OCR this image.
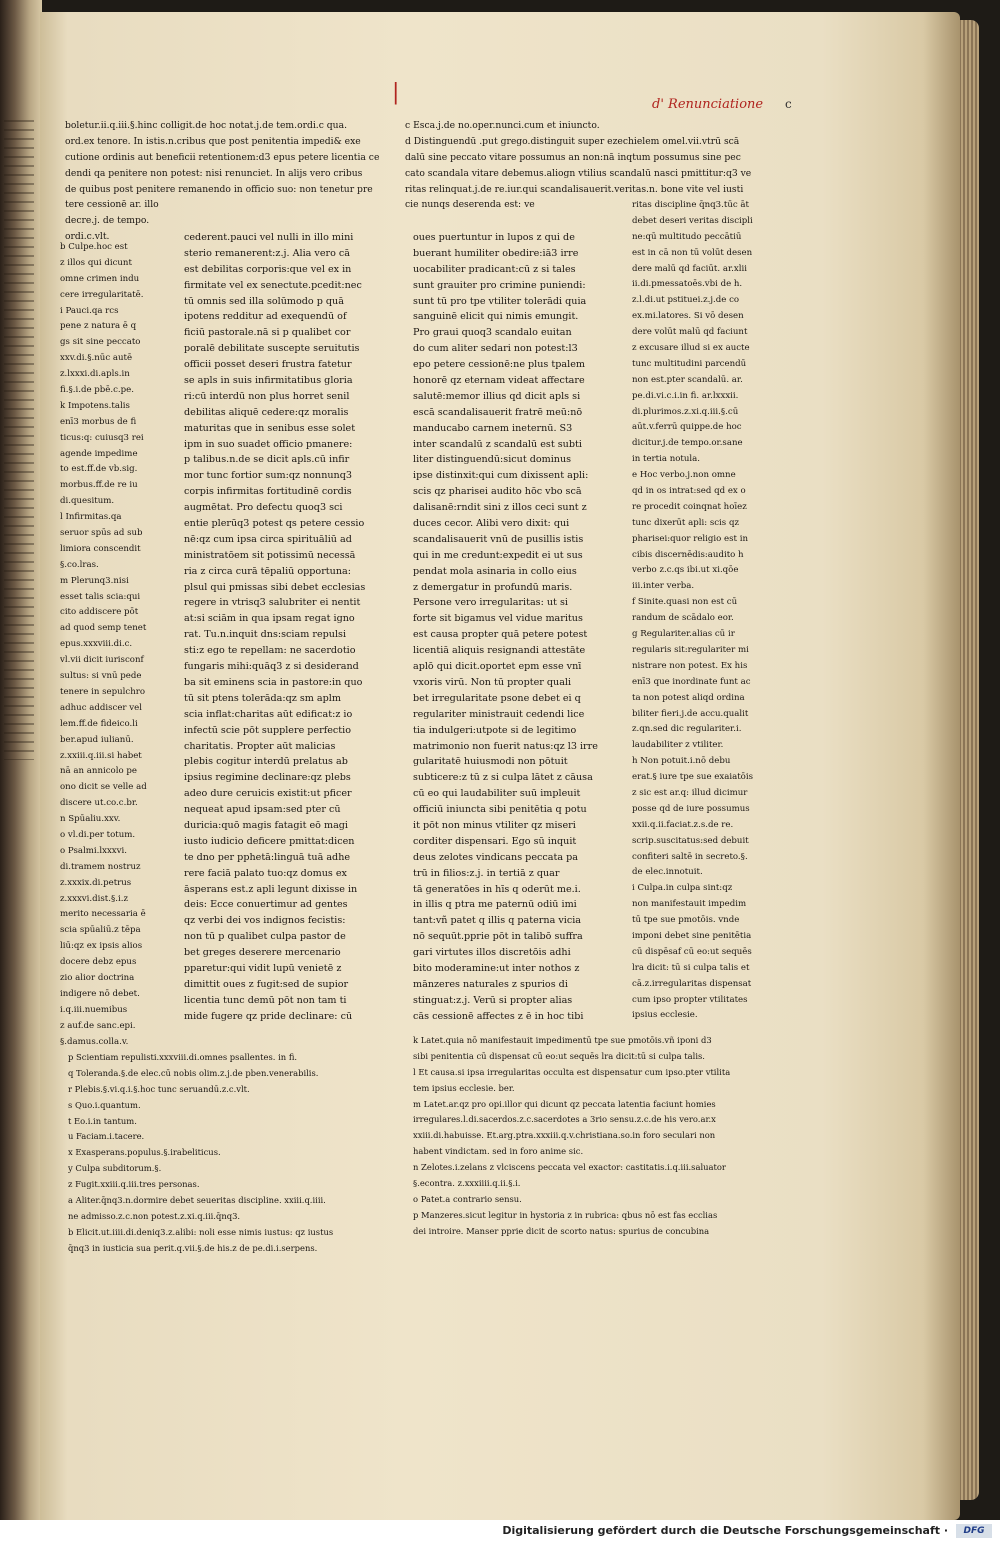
|	d' Renunciatione c
boletur.ii.q.iii.§.hinc colligit.de hoc notat.j.de tem.ordi.c qua.
ord.ex tenore. In istis.n.cribus que post penitentia impedi& exe
cutione ordinis aut beneficii retentionem:d3 epus petere licentia ce
dendi qa penitere non potest: nisi renunciet. In alijs vero cribus
de quibus post penitere remanendo in officio suo: non tenetur pre
tere cessionē ar. illo
decre.j. de tempo.
ordi.c.vlt.
c Esca.j.de no.oper.nunci.cum et iniuncto.
d Distinguendū .put grego.distinguit super ezechielem omel.vii.vtrū scā
dalū sine peccato vitare possumus an non:nā inqtum possumus sine pec
cato scandala vitare debemus.aliogn vtilius scandalū nasci pmittitur:q3 ve
ritas relinquat.j.de re.iur.qui scandalisauerit.veritas.n. bone vite vel iusti
cie nunqs deserenda est: ve
b Culpe.hoc est
z illos qui dicunt
omne crimen indu
cere irregularitatē.
i Pauci.qa rcs
pene z natura ē q
gs sit sine peccato
xxv.di.§.nūc autē
z.lxxxi.di.apls.in
fi.§.i.de pbē.c.pe.
k Impotens.talis
enī3 morbus de fi
ticus:q: cuiusq3 rei
agende impedime
to est.ff.de vb.sig.
morbus.ff.de re iu
di.quesitum.
l Infirmitas.qa
seruor spūs ad sub
limiora conscendit
§.co.lras.
m Plerunq3.nisi
esset talis scia:qui
cito addiscere pōt
ad quod semp tenet
epus.xxxviii.di.c.
vl.vii dicit iurisconf
sultus: si vnū pede
tenere in sepulchro
adhuc addiscer vel
lem.ff.de fideico.li
ber.apud iulianū.
z.xxiii.q.iii.si habet
nā an annicolo pe
ono dicit se velle ad
discere ut.co.c.br.
n Spūaliu.xxv.
o vl.di.per totum.
o Psalmi.lxxxvi.
di.tramem nostruz
z.xxxix.di.petrus
z.xxxvi.dist.§.i.z
merito necessaria ē
scia spūaliū.z tēpa
liū:qz ex ipsis alios
docere debz epus
zio alior doctrina
indigere nō debet.
i.q.iii.nuemibus
z auf.de sanc.epi.
§.damus.colla.v.
cederent.pauci vel nulli in illo mini
sterio remanerent:z.j. Alia vero cā
est debilitas corporis:que vel ex in
firmitate vel ex senectute.pcedit:nec
tū omnis sed illa solūmodo p quā
ipotens redditur ad exequendū of
ficiū pastorale.nā si p qualibet cor
poralē debilitate suscepte seruitutis
officii posset deseri frustra fatetur
se apls in suis infirmitatibus gloria
ri:cū interdū non plus horret senil
debilitas aliquē cedere:qz moralis
maturitas que in senibus esse solet
ipm in suo suadet officio pmanere:
p talibus.n.de se dicit apls.cū infir
mor tunc fortior sum:qz nonnunq3
corpis infirmitas fortitudinē cordis
augmētat. Pro defectu quoq3 sci
entie plerūq3 potest qs petere cessio
nē:qz cum ipsa circa spirituāliū ad
ministratōem sit potissimū necessā
ria z circa curā tēpaliū opportuna:
plsul qui pmissas sibi debet ecclesias
regere in vtrisq3 salubriter ei nentit
at:si sciām in qua ipsam regat igno
rat. Tu.n.inquit dns:sciam repulsi
sti:z ego te repellam: ne sacerdotio
fungaris mihi:quāq3 z si desiderand
ba sit eminens scia in pastore:in quo
tū sit ptens tolerāda:qz sm aplm
scia inflat:charitas aūt edificat:z io
infectū scie pōt supplere perfectio
charitatis. Propter aūt malicias
plebis cogitur interdū prelatus ab
ipsius regimine declinare:qz plebs
adeo dure ceruicis existit:ut pficer
nequeat apud ipsam:sed pter cū
duricia:quō magis fatagit eō magi
iusto iudicio deficere pmittat:dicen
te dno per pphetā:linguā tuā adhe
rere faciā palato tuo:qz domus ex
āsperans est.z apli legunt dixisse in
deis: Ecce conuertimur ad gentes
qz verbi dei vos indignos fecistis:
non tū p qualibet culpa pastor de
bet greges deserere mercenario
pparetur:qui vidit lupū venietē z
dimittit oues z fugit:sed de supior
licentia tunc demū pōt non tam ti
mide fugere qz pride declinare: cū
oues puertuntur in lupos z qui de
buerant humiliter obedire:iā3 irre
uocabiliter pradicant:cū z si tales
sunt grauiter pro crimine puniendi:
sunt tū pro tpe vtiliter tolerādi quia
sanguinē elicit qui nimis emungit.
Pro graui quoq3 scandalo euitan
do cum aliter sedari non potest:l3
epo petere cessionē:ne plus tpalem
honorē qz eternam videat affectare
salutē:memor illius qd dicit apls si
escā scandalisauerit fratrē meū:nō
manducabo carnem ineternū. S3
inter scandalū z scandalū est subti
liter distinguendū:sicut dominus
ipse distinxit:qui cum dixissent apli:
scis qz pharisei audito hōc vbo scā
dalisanē:rndit sini z illos ceci sunt z
duces cecor. Alibi vero dixit: qui
scandalisauerit vnū de pusillis istis
qui in me credunt:expedit ei ut sus
pendat mola asinaria in collo eius
z demergatur in profundū maris.
Persone vero irregularitas: ut si
forte sit bigamus vel vidue maritus
est causa propter quā petere potest
licentiā aliquis resignandi attestāte
aplō qui dicit.oportet epm esse vnī
vxoris virū. Non tū propter quali
bet irregularitate psone debet ei q
regulariter ministrauit cedendi lice
tia indulgeri:utpote si de legitimo
matrimonio non fuerit natus:qz l3 irre
gularitatē huiusmodi non pōtuit
subticere:z tū z si culpa lātet z cāusa
cū eo qui laudabiliter suū impleuit
officiū iniuncta sibi penitētia q potu
it pōt non minus vtiliter qz miseri
corditer dispensari. Ego sū inquit
deus zelotes vindicans peccata pa
trū in filios:z.j. in tertiā z quar
tā generatōes in hīs q oderūt me.i.
in illis q ptra me paternū odiū imi
tant:vñ patet q illis q paterna vicia
nō sequūt.pprie pōt in talibō suffra
gari virtutes illos discretōis adhi
bito moderamine:ut inter nothos z
mānzeres naturales z spurios di
stinguat:z.j. Verū si propter alias
cās cessionē affectes z ē in hoc tibi
ritas discipline q̄nq3.tūc āt
debet deseri veritas discipli
ne:qū multitudo peccātiū
est in cā non tū volūt desen
dere malū qd faciūt. ar.xlii
ii.di.pmessatoēs.vbi de h.
z.l.di.ut pstituei.z.j.de co
ex.mi.latores. Si vō desen
dere volūt malū qd faciunt
z excusare illud si ex aucte
tunc multitudini parcendū
non est.pter scandalū. ar.
pe.di.vi.c.i.in fi. ar.lxxxii.
di.plurimos.z.xi.q.iii.§.cū
aūt.v.ferrū quippe.de hoc
dicitur.j.de tempo.or.sane
in tertia notula.
e Hoc verbo.j.non omne
qd in os intrat:sed qd ex o
re procedit coinqnat hoīez
tunc dixerūt apli: scis qz
pharisei:quor religio est in
cibis discernēdis:audito h
verbo z.c.qs ibi.ut xi.qōe
iii.inter verba.
f Sinite.quasi non est cū
randum de scādalo eor.
g Regulariter.alias cū ir
regularis sit:regulariter mi
nistrare non potest. Ex his
enī3 que inordinate funt ac
ta non potest aliqd ordina
biliter fieri.j.de accu.qualit
z.qn.sed dic regulariter.i.
laudabiliter z vtiliter.
h Non potuit.i.nō debu
erat.§ iure tpe sue exaiatōis
z sic est ar.q: illud dicimur
posse qd de iure possumus
xxii.q.ii.faciat.z.s.de re.
scrip.suscitatus:sed debuit
confiteri saltē in secreto.§.
de elec.innotuit.
i Culpa.in culpa sint:qz
non manifestauit impedim
tū tpe sue pmotōis. vnde
imponi debet sine penitētia
cū dispēsaf cū eo:ut sequēs
lra dicit: tū si culpa talis et
cā.z.irregularitas dispensat
cum ipso propter vtilitates
ipsius ecclesie.
p Scientiam repulisti.xxxviii.di.omnes psallentes. in fi.
q Toleranda.§.de elec.cū nobis olim.z.j.de pben.venerabilis.
r Plebis.§.vi.q.i.§.hoc tunc seruandū.z.c.vlt.
s Quo.i.quantum.
t Eo.i.in tantum.
u Faciam.i.tacere.
x Exasperans.populus.§.irabeliticus.
y Culpa subditorum.§.
z Fugit.xxiii.q.iii.tres personas.
a Aliter.q̄nq3.n.dormire debet seueritas discipline. xxiii.q.iiii.
ne admisso.z.c.non potest.z.xi.q.iii.q̄nq3.
b Elicit.ut.iiii.di.deniq3.z.alibi: noli esse nimis iustus: qz iustus
q̄nq3 in iusticia sua perit.q.vii.§.de his.z de pe.di.i.serpens.
k Latet.quia nō manifestauit impedimentū tpe sue pmotōis.vñ iponi d3
sibi penitentia cū dispensat cū eo:ut sequēs lra dicit:tū si culpa talis.
l Et causa.si ipsa irregularitas occulta est dispensatur cum ipso.pter vtilita
tem ipsius ecclesie. ber.
m Latet.ar.qz pro opi.illor qui dicunt qz peccata latentia faciunt homies
irregulares.l.di.sacerdos.z.c.sacerdotes a 3rio sensu.z.c.de his vero.ar.x
xxiii.di.habuisse. Et.arg.ptra.xxxiii.q.v.christiana.so.in foro seculari non
habent vindictam. sed in foro anime sic.
n Zelotes.i.zelans z vlciscens peccata vel exactor: castitatis.i.q.iii.saluator
§.econtra. z.xxxiiii.q.ii.§.i.
o Patet.a contrario sensu.
p Manzeres.sicut legitur in hystoria z in rubrica: qbus nō est fas ecclias
dei introire. Manser pprie dicit de scorto natus: spurius de concubina
Digitalisierung gefördert durch die Deutsche Forschungsgemeinschaft ·	DFG
